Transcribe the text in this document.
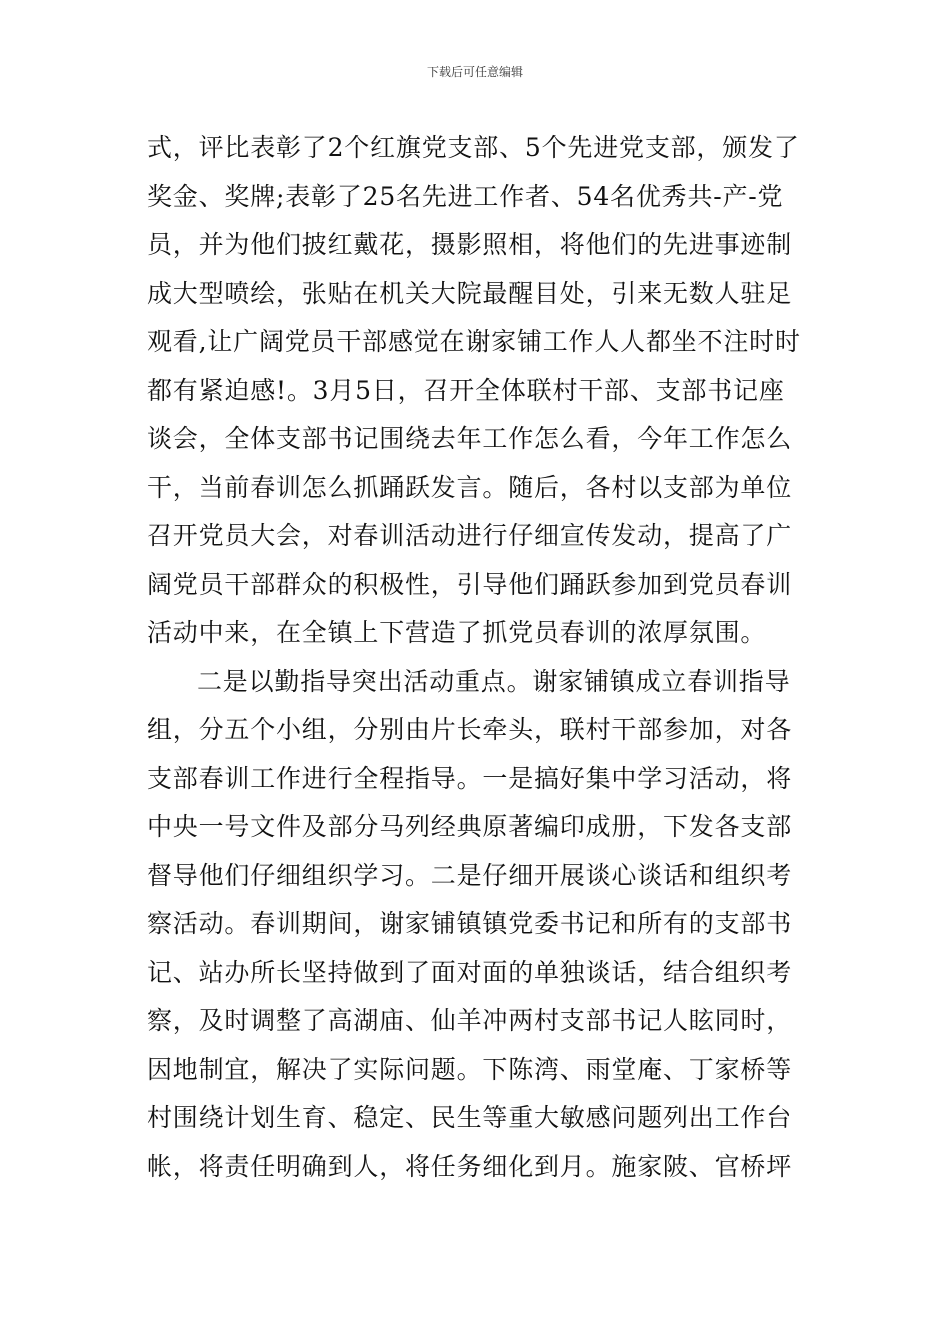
下载后可任意编辑
式，评比表彰了2个红旗党支部、5个先进党支部，颁发了
奖金、奖牌;表彰了25名先进工作者、54名优秀共-产-党
员，并为他们披红戴花，摄影照相，将他们的先进事迹制
成大型喷绘，张贴在机关大院最醒目处，引来无数人驻足
观看,让广阔党员干部感觉在谢家铺工作人人都坐不注时时
都有紧迫感!。3月5日，召开全体联村干部、支部书记座
谈会，全体支部书记围绕去年工作怎么看，今年工作怎么
干，当前春训怎么抓踊跃发言。随后，各村以支部为单位
召开党员大会，对春训活动进行仔细宣传发动，提高了广
阔党员干部群众的积极性，引导他们踊跃参加到党员春训
活动中来，在全镇上下营造了抓党员春训的浓厚氛围。
二是以勤指导突出活动重点。谢家铺镇成立春训指导
组，分五个小组，分别由片长牵头，联村干部参加，对各
支部春训工作进行全程指导。一是搞好集中学习活动，将
中央一号文件及部分马列经典原著编印成册，下发各支部
督导他们仔细组织学习。二是仔细开展谈心谈话和组织考
察活动。春训期间，谢家铺镇镇党委书记和所有的支部书
记、站办所长坚持做到了面对面的单独谈话，结合组织考
察，及时调整了高湖庙、仙羊冲两村支部书记人眩同时，
因地制宜，解决了实际问题。下陈湾、雨堂庵、丁家桥等
村围绕计划生育、稳定、民生等重大敏感问题列出工作台
帐，将责任明确到人，将任务细化到月。施家陂、官桥坪
